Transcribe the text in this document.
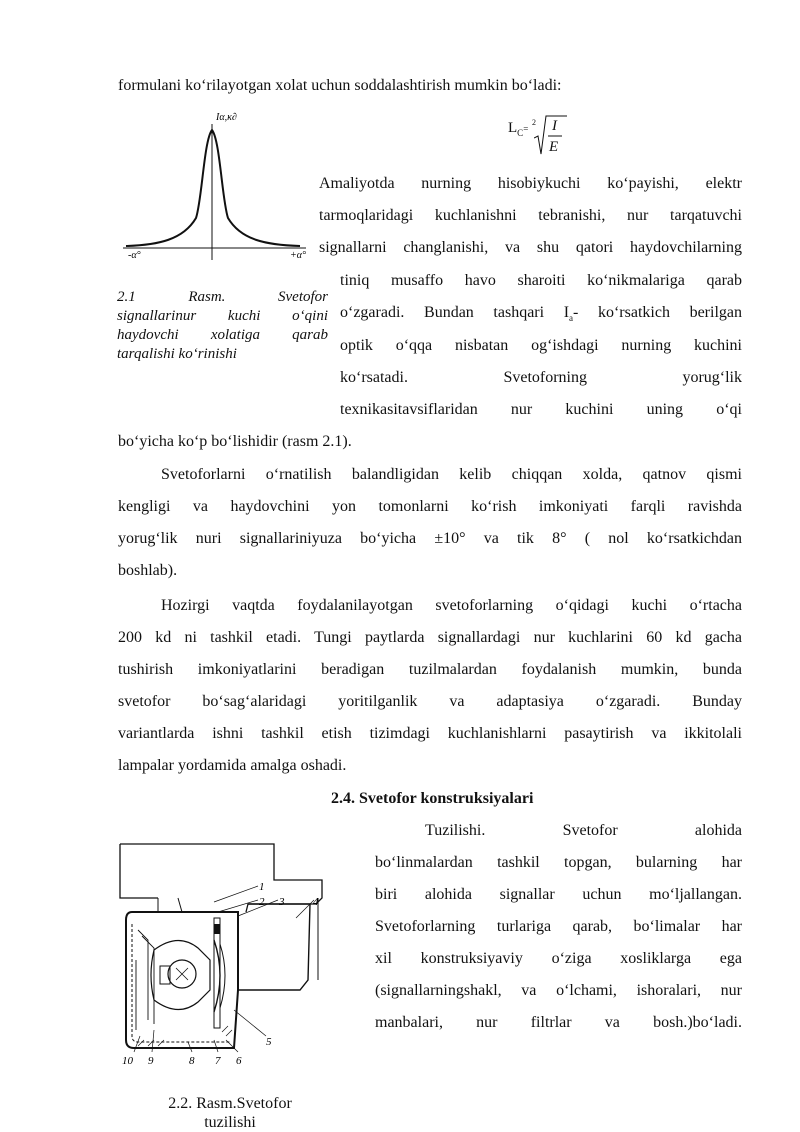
formulani koʻrilayotgan xolat uchun soddalashtirish mumkin boʻladi:
$L_C=$
2 I
E
Iα,κ∂
-α°	+α°
2.1 Rasm. Svetofor
signallarinur kuchi oʻqini
haydovchi xolatiga qarab
tarqalishi koʻrinishi
Amaliyotda nurning hisobiykuchi koʻpayishi, elektr
tarmoqlaridagi kuchlanishni tebranishi, nur tarqatuvchi
signallarni changlanishi, va shu qatori haydovchilarning
tiniq musaffo havo sharoiti koʻnikmalariga qarab
oʻzgaradi. Bundan tashqari $I_a-$ koʻrsatkich berilgan
optik oʻqqa nisbatan ogʻishdagi nurning kuchini
koʻrsatadi. Svetoforning yorugʻlik
texnikasitavsiflaridan nur kuchini uning oʻqi
boʻyicha koʻp boʻlishidir (rasm 2.1).
Svetoforlarni oʻrnatilish balandligidan kelib chiqqan xolda, qatnov qismi
kengligi va haydovchini yon tomonlarni koʻrish imkoniyati farqli ravishda
yorugʻlik nuri signallariniyuza boʻyicha ±10° va tik 8° ( nol koʻrsatkichdan
boshlab).
Hozirgi vaqtda foydalanilayotgan svetoforlarning oʻqidagi kuchi oʻrtacha
200 kd ni tashkil etadi. Tungi paytlarda signallardagi nur kuchlarini 60 kd gacha
tushirish imkoniyatlarini beradigan tuzilmalardan foydalanish mumkin, bunda
svetofor boʻsagʻalaridagi yoritilganlik va adaptasiya oʻzgaradi. Bunday
variantlarda ishni tashkil etish tizimdagi kuchlanishlarni pasaytirish va ikkitolali
lampalar yordamida amalga oshadi.
2.4. Svetofor konstruksiyalari
Tuzilishi. Svetofor alohida
boʻlinmalardan tashkil topgan, bularning har
biri alohida signallar uchun moʻljallangan.
Svetoforlarning turlariga qarab, boʻlimalar har
xil konstruksiyaviy oʻziga xosliklarga ega
(signallarningshakl, va oʻlchami, ishoralari, nur
manbalari, nur filtrlar va bosh.)boʻladi.
1
2 3	4
5
6
7
8
9
10
2.2. Rasm.Svetofor
tuzilishi
